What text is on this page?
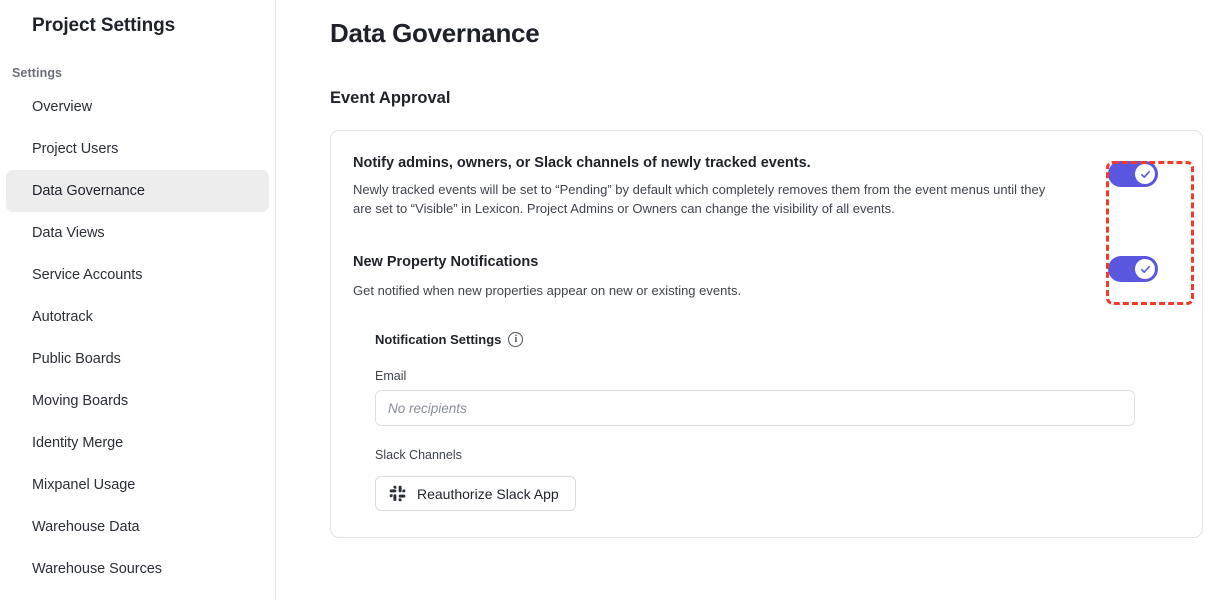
Project Settings
Settings
Overview
Project Users
Data Governance
Data Views
Service Accounts
Autotrack
Public Boards
Moving Boards
Identity Merge
Mixpanel Usage
Warehouse Data
Warehouse Sources
Data Governance
Event Approval
Notify admins, owners, or Slack channels of newly tracked events.
Newly tracked events will be set to “Pending” by default which completely removes them from the event menus until they are set to “Visible” in Lexicon. Project Admins or Owners can change the visibility of all events.
New Property Notifications
Get notified when new properties appear on new or existing events.
Notification Settings	i
Email
No recipients
Slack Channels
Reauthorize Slack App
